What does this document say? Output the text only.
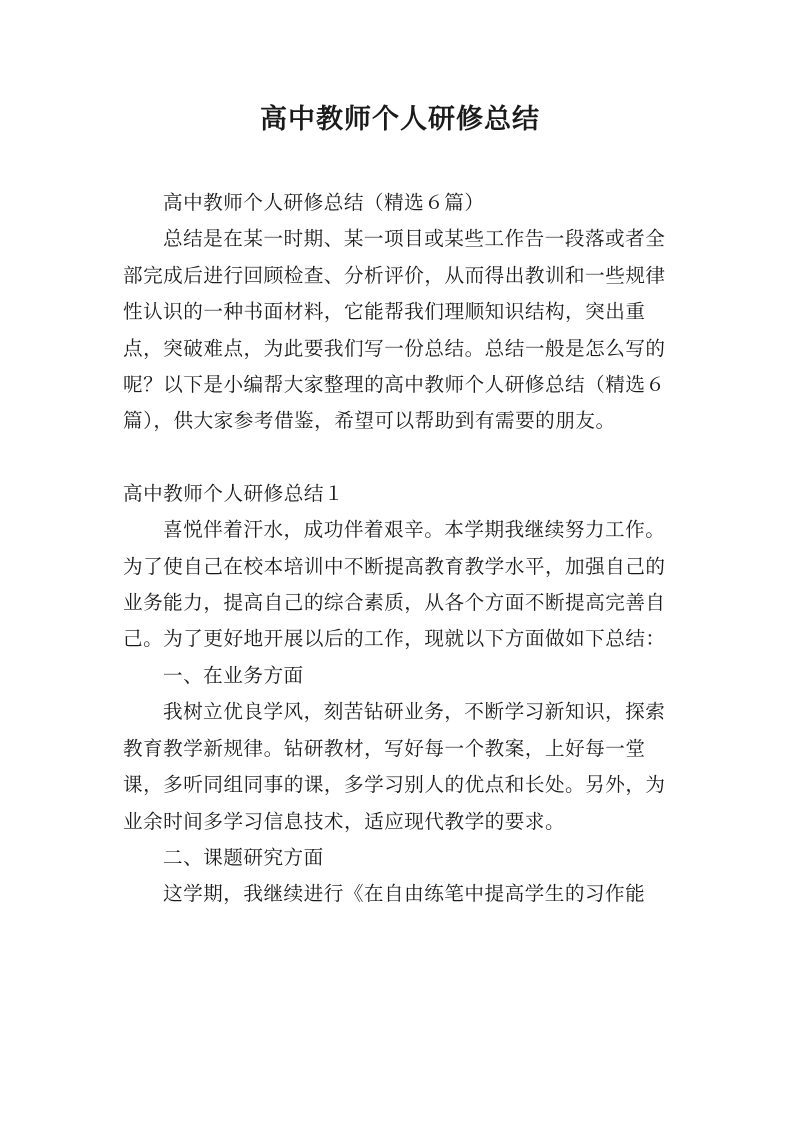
高中教师个人研修总结

高中教师个人研修总结（精选６篇）

总结是在某一时期、某一项目或某些工作告一段落或者全部完成后进行回顾检查、分析评价，从而得出教训和一些规律性认识的一种书面材料，它能帮我们理顺知识结构，突出重点，突破难点，为此要我们写一份总结。总结一般是怎么写的呢？以下是小编帮大家整理的高中教师个人研修总结（精选６篇），供大家参考借鉴，希望可以帮助到有需要的朋友。

高中教师个人研修总结１

喜悦伴着汗水，成功伴着艰辛。本学期我继续努力工作。为了使自己在校本培训中不断提高教育教学水平，加强自己的业务能力，提高自己的综合素质，从各个方面不断提高完善自己。为了更好地开展以后的工作，现就以下方面做如下总结：

一、在业务方面

我树立优良学风，刻苦钻研业务，不断学习新知识，探索教育教学新规律。钻研教材，写好每一个教案，上好每一堂课，多听同组同事的课，多学习别人的优点和长处。另外，为业余时间多学习信息技术，适应现代教学的要求。

二、课题研究方面

这学期，我继续进行《在自由练笔中提高学生的习作能
